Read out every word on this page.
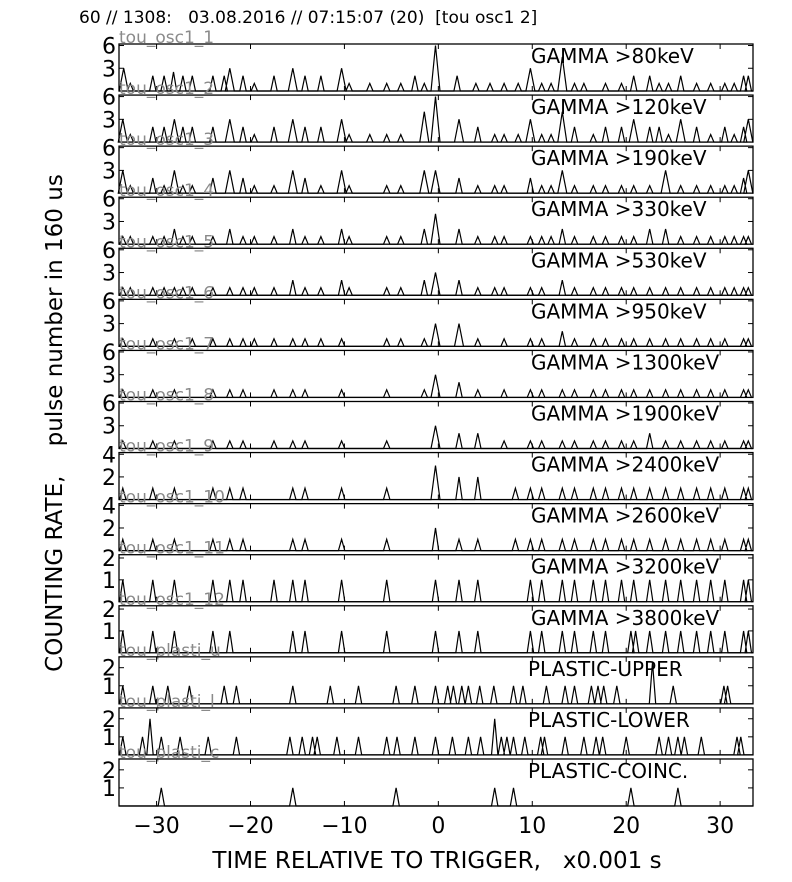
60 // 1308:   03.08.2016 // 07:15:07 (20)  [tou osc1 2]
COUNTING RATE,    pulse number in 160 us
TIME RELATIVE TO TRIGGER,   x0.001 s
tou_osc1_1
3
6	GAMMA >80keV
tou_osc1_2
3
6	GAMMA >120keV
tou_osc1_3
3
6	GAMMA >190keV
tou_osc1_4
3
6	GAMMA >330keV
tou_osc1_5
3
6	GAMMA >530keV
tou_osc1_6
3
6	GAMMA >950keV
tou_osc1_7
3
6	GAMMA >1300keV
tou_osc1_8
3
6	GAMMA >1900keV
tou_osc1_9
2
4	GAMMA >2400keV
tou_osc1_10
2
4	GAMMA >2600keV
tou_osc1_11
1
2	GAMMA >3200keV
tou_osc1_12
1
2	GAMMA >3800keV
tou_plasti_u
1
2	PLASTIC-UPPER
tou_plasti_l
1
2	PLASTIC-LOWER
tou_plasti_c
1
2	PLASTIC-COINC.
−30 −20 −10	0	10	20	30
